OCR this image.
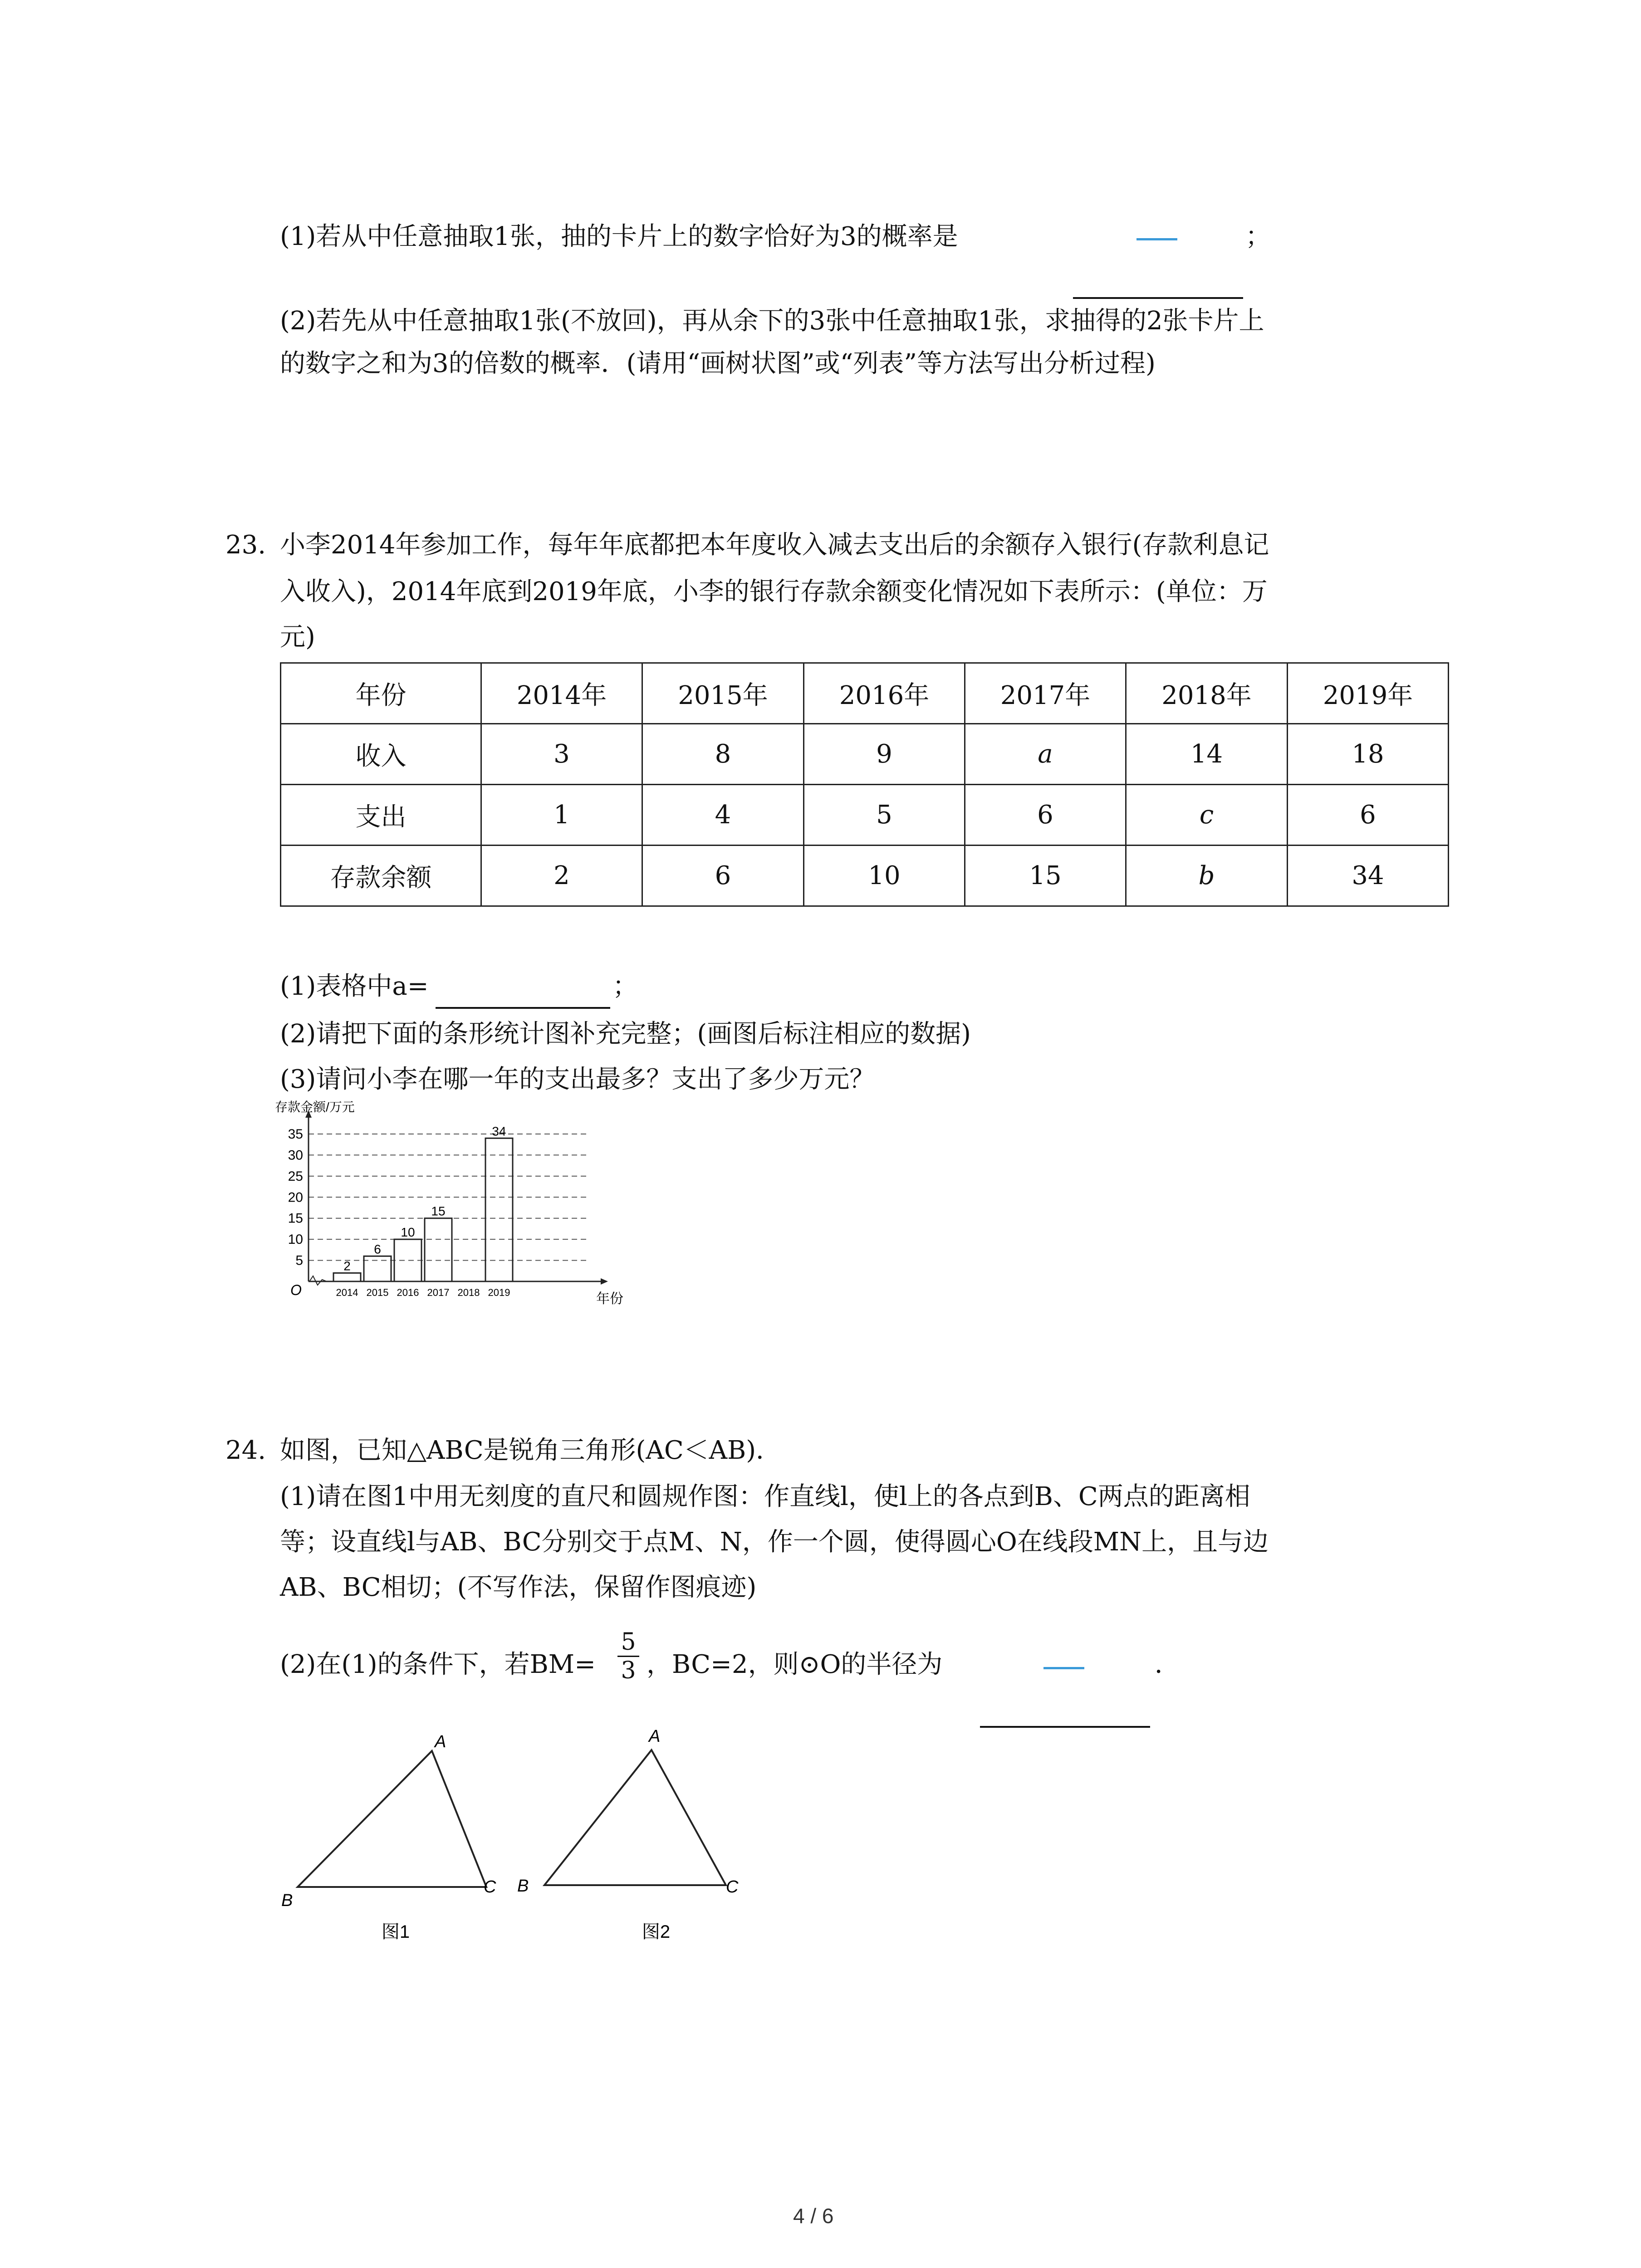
(1)若从中任意抽取1张，抽的卡片上的数字恰好为3的概率是	；
(2)若先从中任意抽取1张(不放回)，再从余下的3张中任意抽取1张，求抽得的2张卡片上
的数字之和为3的倍数的概率．(请用“画树状图”或“列表”等方法写出分析过程)
23. 小李2014年参加工作，每年年底都把本年度收入减去支出后的余额存入银行(存款利息记
入收入)，2014年底到2019年底，小李的银行存款余额变化情况如下表所示：(单位：万
元)
年份	2014年	2015年	2016年	2017年	2018年	2019年
收入	3	8	9	a	14	18
支出	1	4	5	6	c	6
存款余额	2	6	10	15	b	34
(1)表格中a=	；
(2)请把下面的条形统计图补充完整；(画图后标注相应的数据)
(3)请问小李在哪一年的支出最多？支出了多少万元？
2
6
10
15
34
5
10
15
20
25
30
35
2014 2015 2016 2017 2018 2019
存款金额/万元
年份
O
24. 如图，已知△ABC是锐角三角形(AC＜AB)．
(1)请在图1中用无刻度的直尺和圆规作图：作直线l，使l上的各点到B、C两点的距离相
等；设直线l与AB、BC分别交于点M、N，作一个圆，使得圆心O在线段MN上，且与边
AB、BC相切；(不写作法，保留作图痕迹)
(2)在(1)的条件下，若BM=
5
3 ，BC=2，则⊙O的半径为	．
A
B
C
图1
A
B	C
图2
4 / 6
